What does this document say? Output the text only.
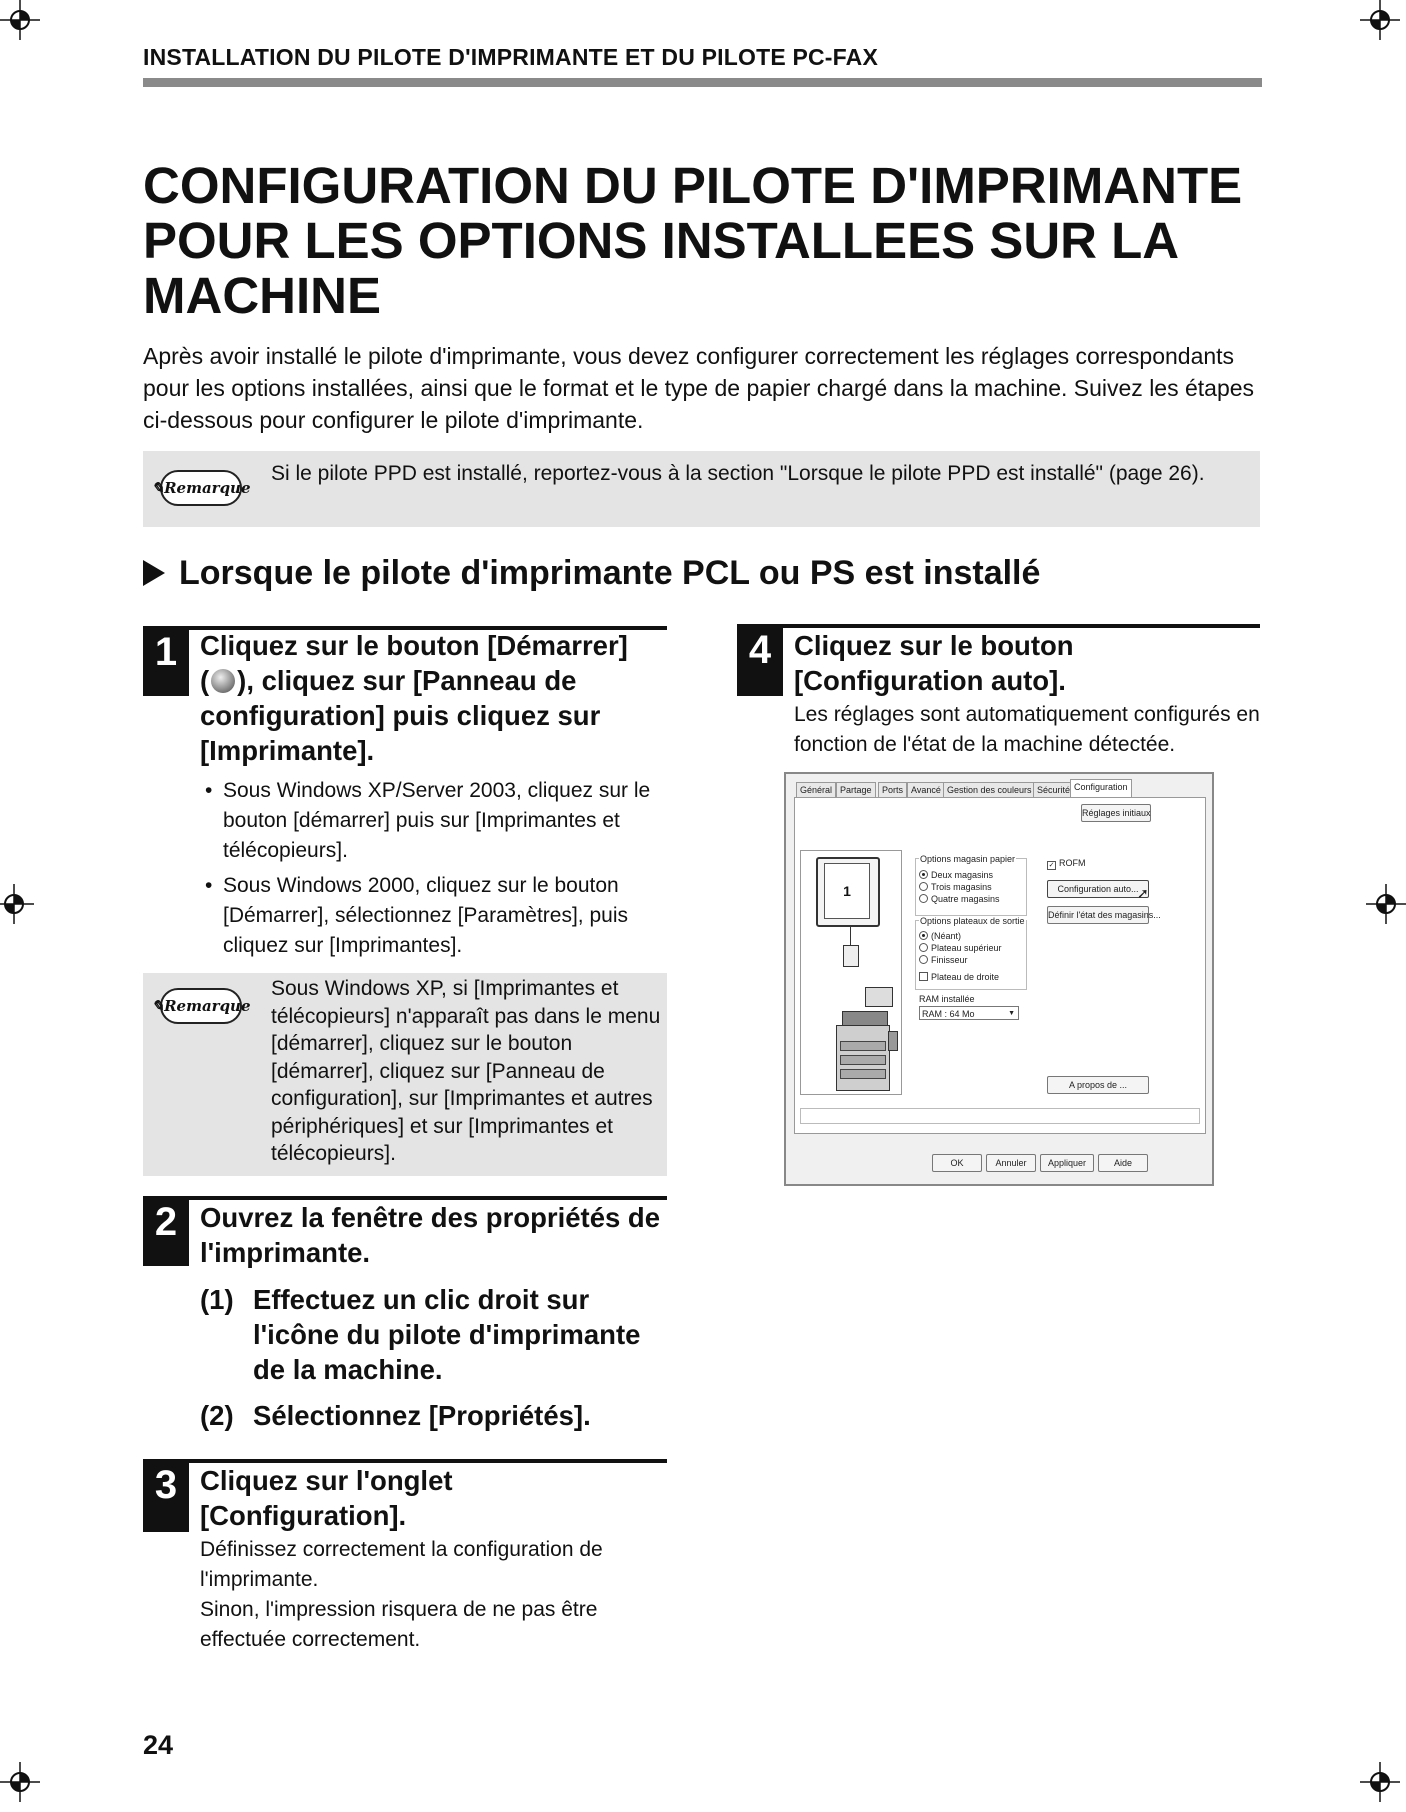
INSTALLATION DU PILOTE D'IMPRIMANTE ET DU PILOTE PC-FAX
CONFIGURATION DU PILOTE D'IMPRIMANTE POUR LES OPTIONS INSTALLEES SUR LA MACHINE

Après avoir installé le pilote d'imprimante, vous devez configurer correctement les réglages correspondants pour les options installées, ainsi que le format et le type de papier chargé dans la machine. Suivez les étapes ci-dessous pour configurer le pilote d'imprimante.

✎ Remarque
Si le pilote PPD est installé, reportez-vous à la section "Lorsque le pilote PPD est installé" (page 26).
Lorsque le pilote d'imprimante PCL ou PS est installé
1 Cliquez sur le bouton [Démarrer]
( ), cliquez sur [Panneau de
configuration] puis cliquez sur
[Imprimante].
• Sous Windows XP/Server 2003, cliquez sur le bouton [démarrer] puis sur [Imprimantes et télécopieurs].
• Sous Windows 2000, cliquez sur le bouton [Démarrer], sélectionnez [Paramètres], puis cliquez sur [Imprimantes].
✎ Remarque
Sous Windows XP, si [Imprimantes et télécopieurs] n'apparaît pas dans le menu [démarrer], cliquez sur le bouton [démarrer], cliquez sur [Panneau de configuration], sur [Imprimantes et autres périphériques] et sur [Imprimantes et télécopieurs].
2 Ouvrez la fenêtre des propriétés de l'imprimante.
(1) Effectuez un clic droit sur l'icône du pilote d'imprimante de la machine.
(2) Sélectionnez [Propriétés].
3 Cliquez sur l'onglet [Configuration].
Définissez correctement la configuration de l'imprimante.
Sinon, l'impression risquera de ne pas être effectuée correctement.
4 Cliquez sur le bouton [Configuration auto].
Les réglages sont automatiquement configurés en fonction de l'état de la machine détectée.
Général Partage	Ports Avancé Gestion des couleurs Sécurité Configuration
1
Options magasin papier
Deux magasins
Trois magasins
Quatre magasins
Options plateaux de sortie
(Néant)
Plateau supérieur
Finisseur
Plateau de droite
RAM installée
RAM : 64 Mo	▼
Réglages initiaux
✓ ROFM
Configuration auto...
➚
Définir l'état des magasins...
A propos de ...
OK	Annuler	Appliquer	Aide
24
